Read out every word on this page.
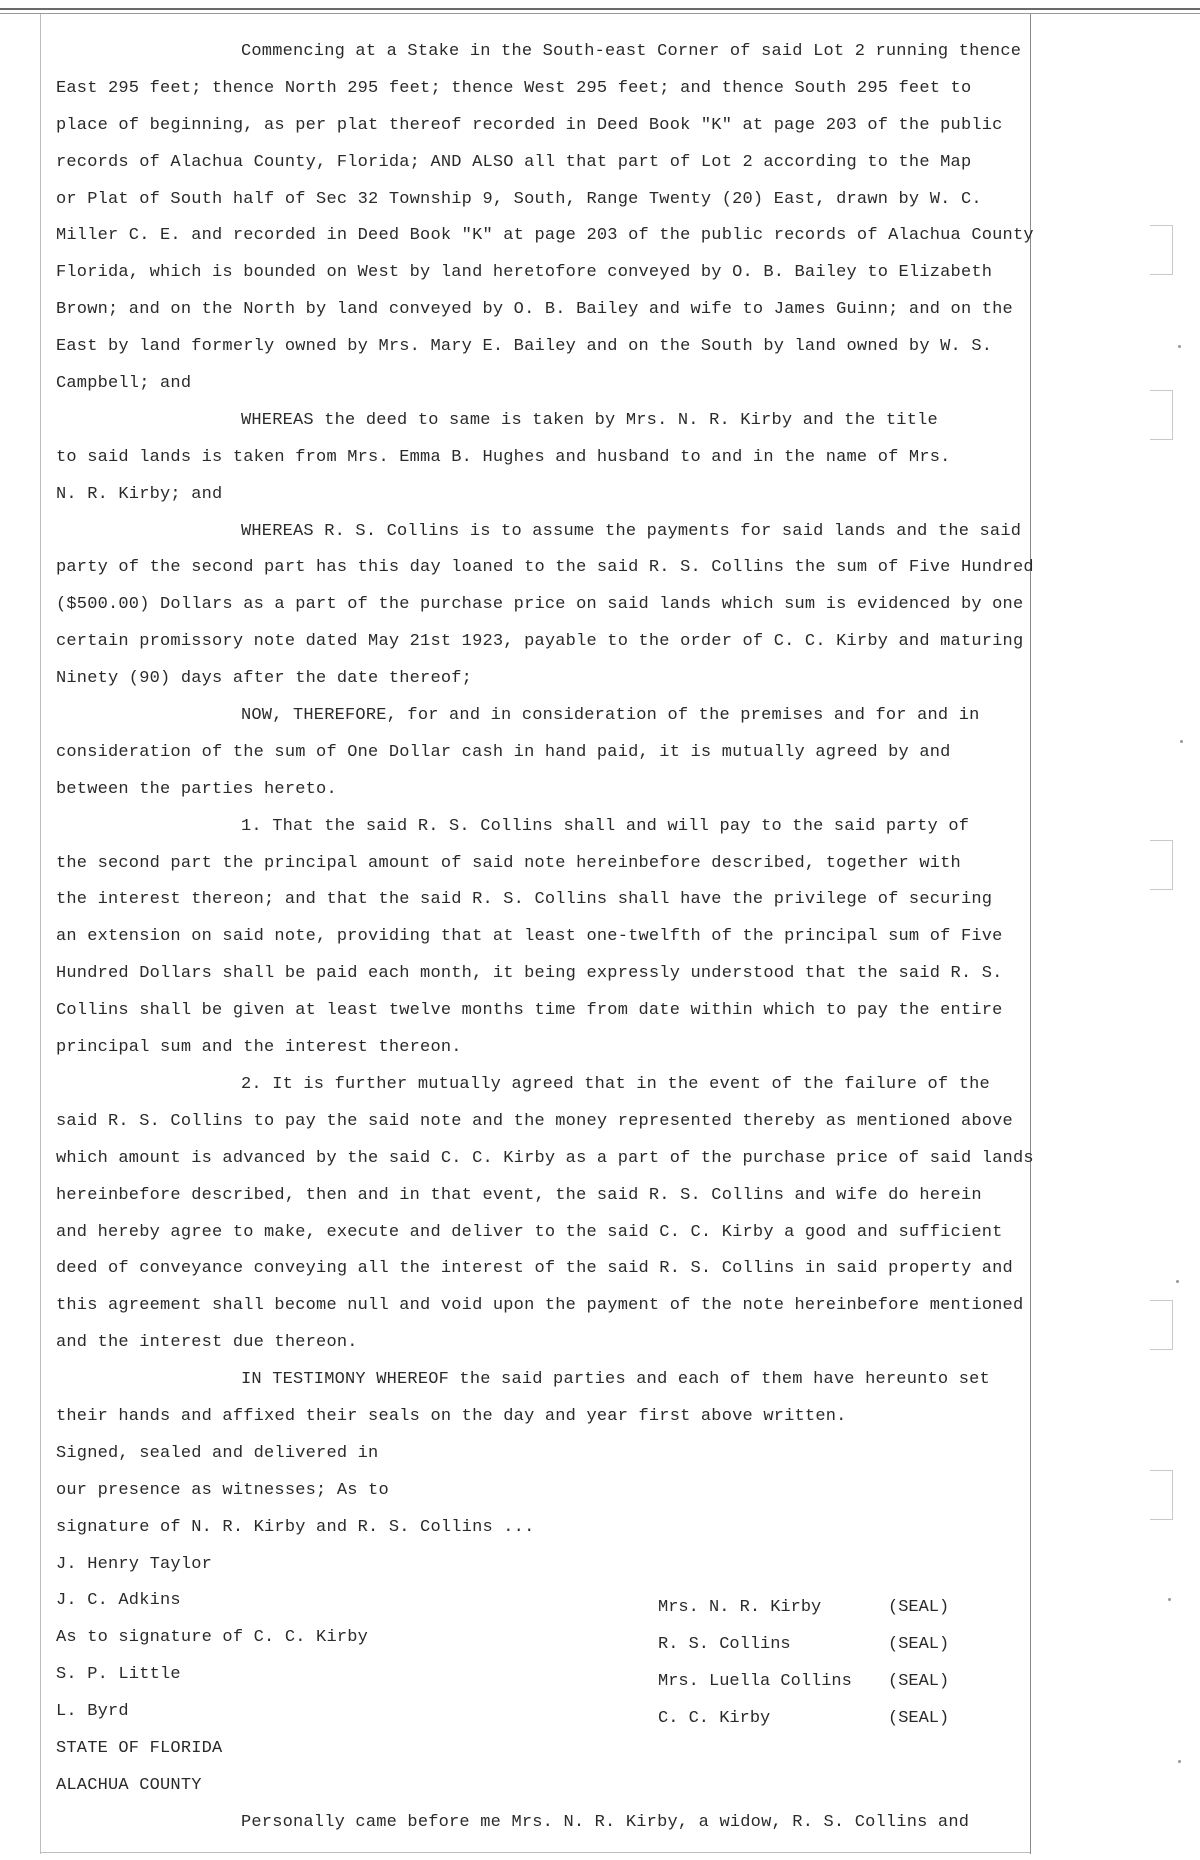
Commencing at a Stake in the South-east Corner of said Lot 2 running thence
East 295 feet; thence North 295 feet; thence West 295 feet; and thence South 295 feet to
place of beginning, as per plat thereof recorded in Deed Book "K" at page 203 of the public
records of Alachua County, Florida; AND ALSO all that part of Lot 2 according to the Map
or Plat of South half of Sec 32 Township 9, South, Range Twenty (20) East, drawn by W. C.
Miller C. E. and recorded in Deed Book "K" at page 203 of the public records of Alachua County
Florida, which is bounded on West by land heretofore conveyed by O. B. Bailey to Elizabeth
Brown; and on the North by land conveyed by O. B. Bailey and wife to James Guinn; and on the
East by land formerly owned by Mrs. Mary E. Bailey and on the South by land owned by W. S.
Campbell; and
WHEREAS the deed to same is taken by Mrs. N. R. Kirby and the title
to said lands is taken from Mrs. Emma B. Hughes and husband to and in the name of Mrs.
N. R. Kirby; and
WHEREAS R. S. Collins is to assume the payments for said lands and the said
party of the second part has this day loaned to the said R. S. Collins the sum of Five Hundred
($500.00) Dollars as a part of the purchase price on said lands which sum is evidenced by one
certain promissory note dated May 21st 1923, payable to the order of C. C. Kirby and maturing
Ninety (90) days after the date thereof;
NOW, THEREFORE, for and in consideration of the premises and for and in
consideration of the sum of One Dollar cash in hand paid, it is mutually agreed by and
between the parties hereto.
1. That the said R. S. Collins shall and will pay to the said party of
the second part the principal amount of said note hereinbefore described, together with
the interest thereon; and that the said R. S. Collins shall have the privilege of securing
an extension on said note, providing that at least one-twelfth of the principal sum of Five
Hundred Dollars shall be paid each month, it being expressly understood that the said R. S.
Collins shall be given at least twelve months time from date within which to pay the entire
principal sum and the interest thereon.
2. It is further mutually agreed that in the event of the failure of the
said R. S. Collins to pay the said note and the money represented thereby as mentioned above
which amount is advanced by the said C. C. Kirby as a part of the purchase price of said lands
hereinbefore described, then and in that event, the said R. S. Collins and wife do herein
and hereby agree to make, execute and deliver to the said C. C. Kirby a good and sufficient
deed of conveyance conveying all the interest of the said R. S. Collins in said property and
this agreement shall become null and void upon the payment of the note hereinbefore mentioned
and the interest due thereon.
IN TESTIMONY WHEREOF the said parties and each of them have hereunto set
their hands and affixed their seals on the day and year first above written.
Signed, sealed and delivered in
our presence as witnesses; As to
signature of N. R. Kirby and R. S. Collins ...
J. Henry Taylor
J. C. Adkins
As to signature of C. C. Kirby
S. P. Little
L. Byrd
STATE OF FLORIDA
ALACHUA COUNTY
Personally came before me Mrs. N. R. Kirby, a widow, R. S. Collins and
Mrs. N. R. Kirby	(SEAL)
R. S. Collins	(SEAL)
Mrs. Luella Collins	(SEAL)
C. C. Kirby	(SEAL)
